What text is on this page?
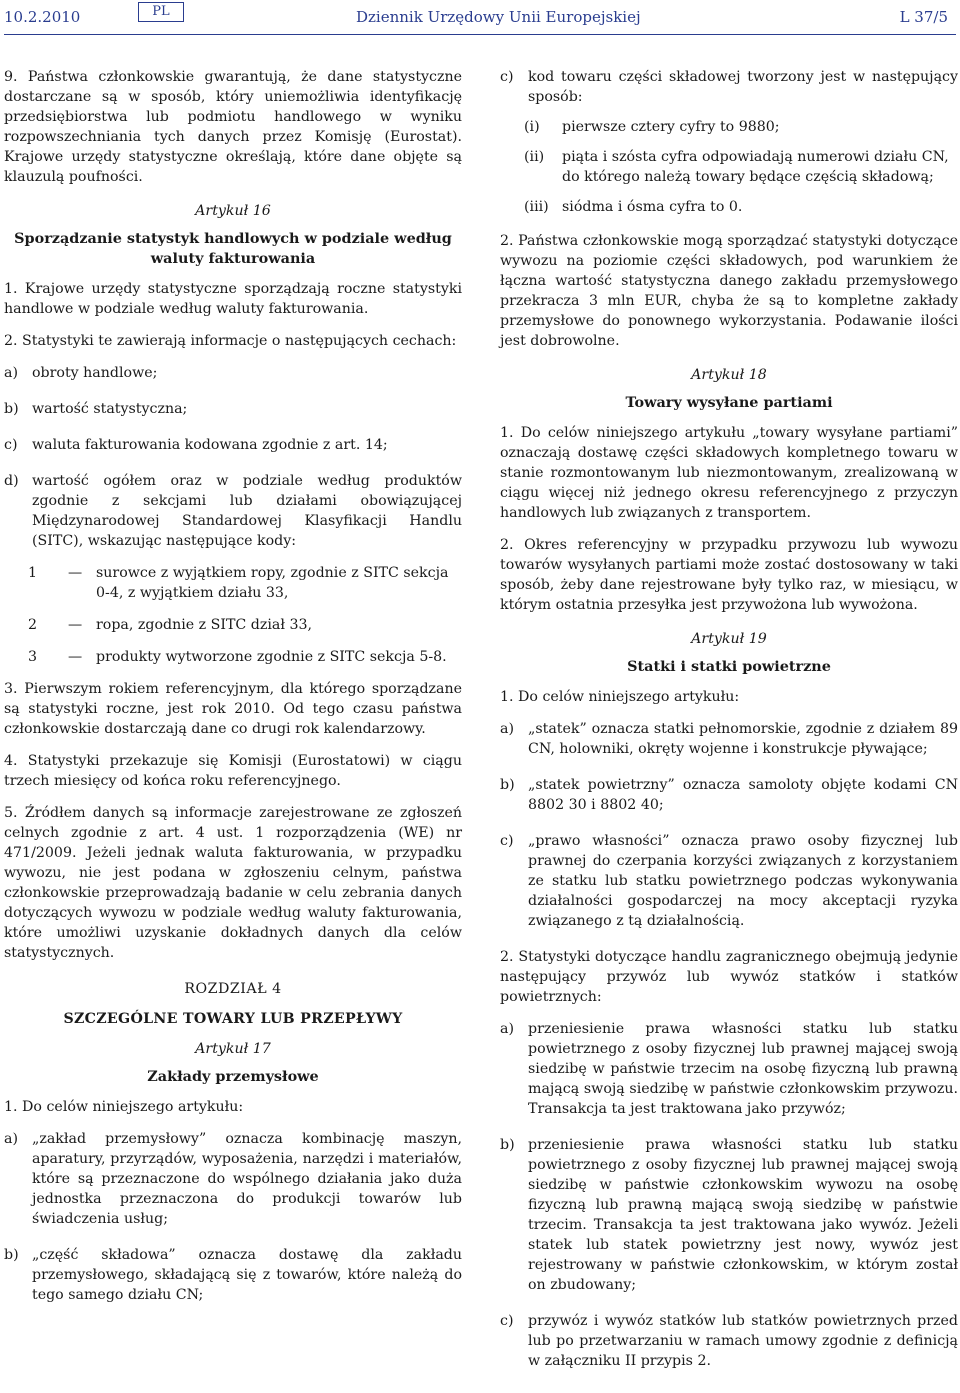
10.2.2010	PL	Dziennik Urzędowy Unii Europejskiej	L 37/5

9. Państwa członkowskie gwarantują, że dane statystyczne dostarczane są w sposób, który uniemożliwia identyfikację przedsiębiorstwa lub podmiotu handlowego w wyniku rozpowszechniania tych danych przez Komisję (Eurostat). Krajowe urzędy statystyczne określają, które dane objęte są klauzulą poufności.

Artykuł 16
Sporządzanie statystyk handlowych w podziale według waluty fakturowania

1. Krajowe urzędy statystyczne sporządzają roczne statystyki handlowe w podziale według waluty fakturowania.

2. Statystyki te zawierają informacje o następujących cechach:

a) obroty handlowe;
b) wartość statystyczna;
c)	waluta fakturowania kodowana zgodnie z art. 14;
d) wartość ogółem oraz w podziale według produktów zgodnie z sekcjami lub działami obowiązującej Międzynarodowej Standardowej Klasyfikacji Handlu (SITC), wskazując następujące kody:
1	— surowce z wyjątkiem ropy, zgodnie z SITC sekcja 0-4, z wyjątkiem działu 33,
2	— ropa, zgodnie z SITC dział 33,
3	— produkty wytworzone zgodnie z SITC sekcja 5-8.

3. Pierwszym rokiem referencyjnym, dla którego sporządzane są statystyki roczne, jest rok 2010. Od tego czasu państwa członkowskie dostarczają dane co drugi rok kalendarzowy.

4. Statystyki przekazuje się Komisji (Eurostatowi) w ciągu trzech miesięcy od końca roku referencyjnego.

5. Źródłem danych są informacje zarejestrowane ze zgłoszeń celnych zgodnie z art. 4 ust. 1 rozporządzenia (WE) nr 471/2009. Jeżeli jednak waluta fakturowania, w przypadku wywozu, nie jest podana w zgłoszeniu celnym, państwa członkowskie przeprowadzają badanie w celu zebrania danych dotyczących wywozu w podziale według waluty fakturowania, które umożliwi uzyskanie dokładnych danych dla celów statystycznych.

ROZDZIAŁ 4
SZCZEGÓLNE TOWARY LUB PRZEPŁYWY
Artykuł 17
Zakłady przemysłowe

1. Do celów niniejszego artykułu:

a) „zakład przemysłowy” oznacza kombinację maszyn, aparatury, przyrządów, wyposażenia, narzędzi i materiałów, które są przeznaczone do wspólnego działania jako duża jednostka przeznaczona do produkcji towarów lub świadczenia usług;
b) „część składowa” oznacza dostawę dla zakładu przemysłowego, składającą się z towarów, które należą do tego samego działu CN;
c)	kod towaru części składowej tworzony jest w następujący sposób:
(i)	pierwsze cztery cyfry to 9880;
(ii)	piąta i szósta cyfra odpowiadają numerowi działu CN, do którego należą towary będące częścią składową;
(iii) siódma i ósma cyfra to 0.

2. Państwa członkowskie mogą sporządzać statystyki dotyczące wywozu na poziomie części składowych, pod warunkiem że łączna wartość statystyczna danego zakładu przemysłowego przekracza 3 mln EUR, chyba że są to kompletne zakłady przemysłowe do ponownego wykorzystania. Podawanie ilości jest dobrowolne.

Artykuł 18
Towary wysyłane partiami

1. Do celów niniejszego artykułu „towary wysyłane partiami” oznaczają dostawę części składowych kompletnego towaru w stanie rozmontowanym lub niezmontowanym, zrealizowaną w ciągu więcej niż jednego okresu referencyjnego z przyczyn handlowych lub związanych z transportem.

2. Okres referencyjny w przypadku przywozu lub wywozu towarów wysyłanych partiami może zostać dostosowany w taki sposób, żeby dane rejestrowane były tylko raz, w miesiącu, w którym ostatnia przesyłka jest przywożona lub wywożona.

Artykuł 19
Statki i statki powietrzne

1. Do celów niniejszego artykułu:

a) „statek” oznacza statki pełnomorskie, zgodnie z działem 89 CN, holowniki, okręty wojenne i konstrukcje pływające;
b) „statek powietrzny” oznacza samoloty objęte kodami CN 8802 30 i 8802 40;
c)	„prawo własności” oznacza prawo osoby fizycznej lub prawnej do czerpania korzyści związanych z korzystaniem ze statku lub statku powietrznego podczas wykonywania działalności gospodarczej na mocy akceptacji ryzyka związanego z tą działalnością.

2. Statystyki dotyczące handlu zagranicznego obejmują jedynie następujący przywóz lub wywóz statków i statków powietrznych:

a) przeniesienie prawa własności statku lub statku powietrznego z osoby fizycznej lub prawnej mającej swoją siedzibę w państwie trzecim na osobę fizyczną lub prawną mającą swoją siedzibę w państwie członkowskim przywozu. Transakcja ta jest traktowana jako przywóz;
b) przeniesienie prawa własności statku lub statku powietrznego z osoby fizycznej lub prawnej mającej swoją siedzibę w państwie członkowskim wywozu na osobę fizyczną lub prawną mającą swoją siedzibę w państwie trzecim. Transakcja ta jest traktowana jako wywóz. Jeżeli statek lub statek powietrzny jest nowy, wywóz jest rejestrowany w państwie członkowskim, w którym został on zbudowany;
c)	przywóz i wywóz statków lub statków powietrznych przed lub po przetwarzaniu w ramach umowy zgodnie z definicją w załączniku II przypis 2.
